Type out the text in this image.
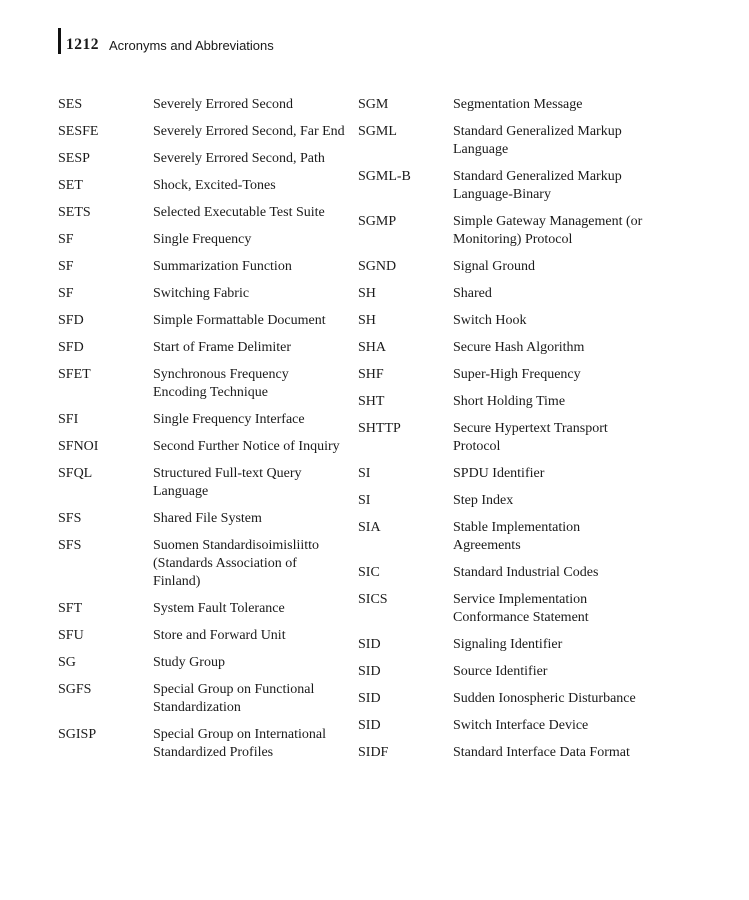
1212 Acronyms and Abbreviations
SES	Severely Errored Second
SESFE	Severely Errored Second, Far End
SESP	Severely Errored Second, Path
SET	Shock, Excited-Tones
SETS	Selected Executable Test Suite
SF	Single Frequency
SF	Summarization Function
SF	Switching Fabric
SFD	Simple Formattable Document
SFD	Start of Frame Delimiter
SFET	Synchronous Frequency Encoding Technique
SFI	Single Frequency Interface
SFNOI	Second Further Notice of Inquiry
SFQL	Structured Full-text Query Language
SFS	Shared File System
SFS	Suomen Standardisoimisliitto (Standards Association of Finland)
SFT	System Fault Tolerance
SFU	Store and Forward Unit
SG	Study Group
SGFS	Special Group on Functional Standardization
SGISP	Special Group on International Standardized Profiles
SGM	Segmentation Message
SGML	Standard Generalized Markup Language
SGML-B	Standard Generalized Markup Language-Binary
SGMP	Simple Gateway Management (or Monitoring) Protocol
SGND	Signal Ground
SH	Shared
SH	Switch Hook
SHA	Secure Hash Algorithm
SHF	Super-High Frequency
SHT	Short Holding Time
SHTTP	Secure Hypertext Transport Protocol
SI	SPDU Identifier
SI	Step Index
SIA	Stable Implementation Agreements
SIC	Standard Industrial Codes
SICS	Service Implementation Conformance Statement
SID	Signaling Identifier
SID	Source Identifier
SID	Sudden Ionospheric Disturbance
SID	Switch Interface Device
SIDF	Standard Interface Data Format
